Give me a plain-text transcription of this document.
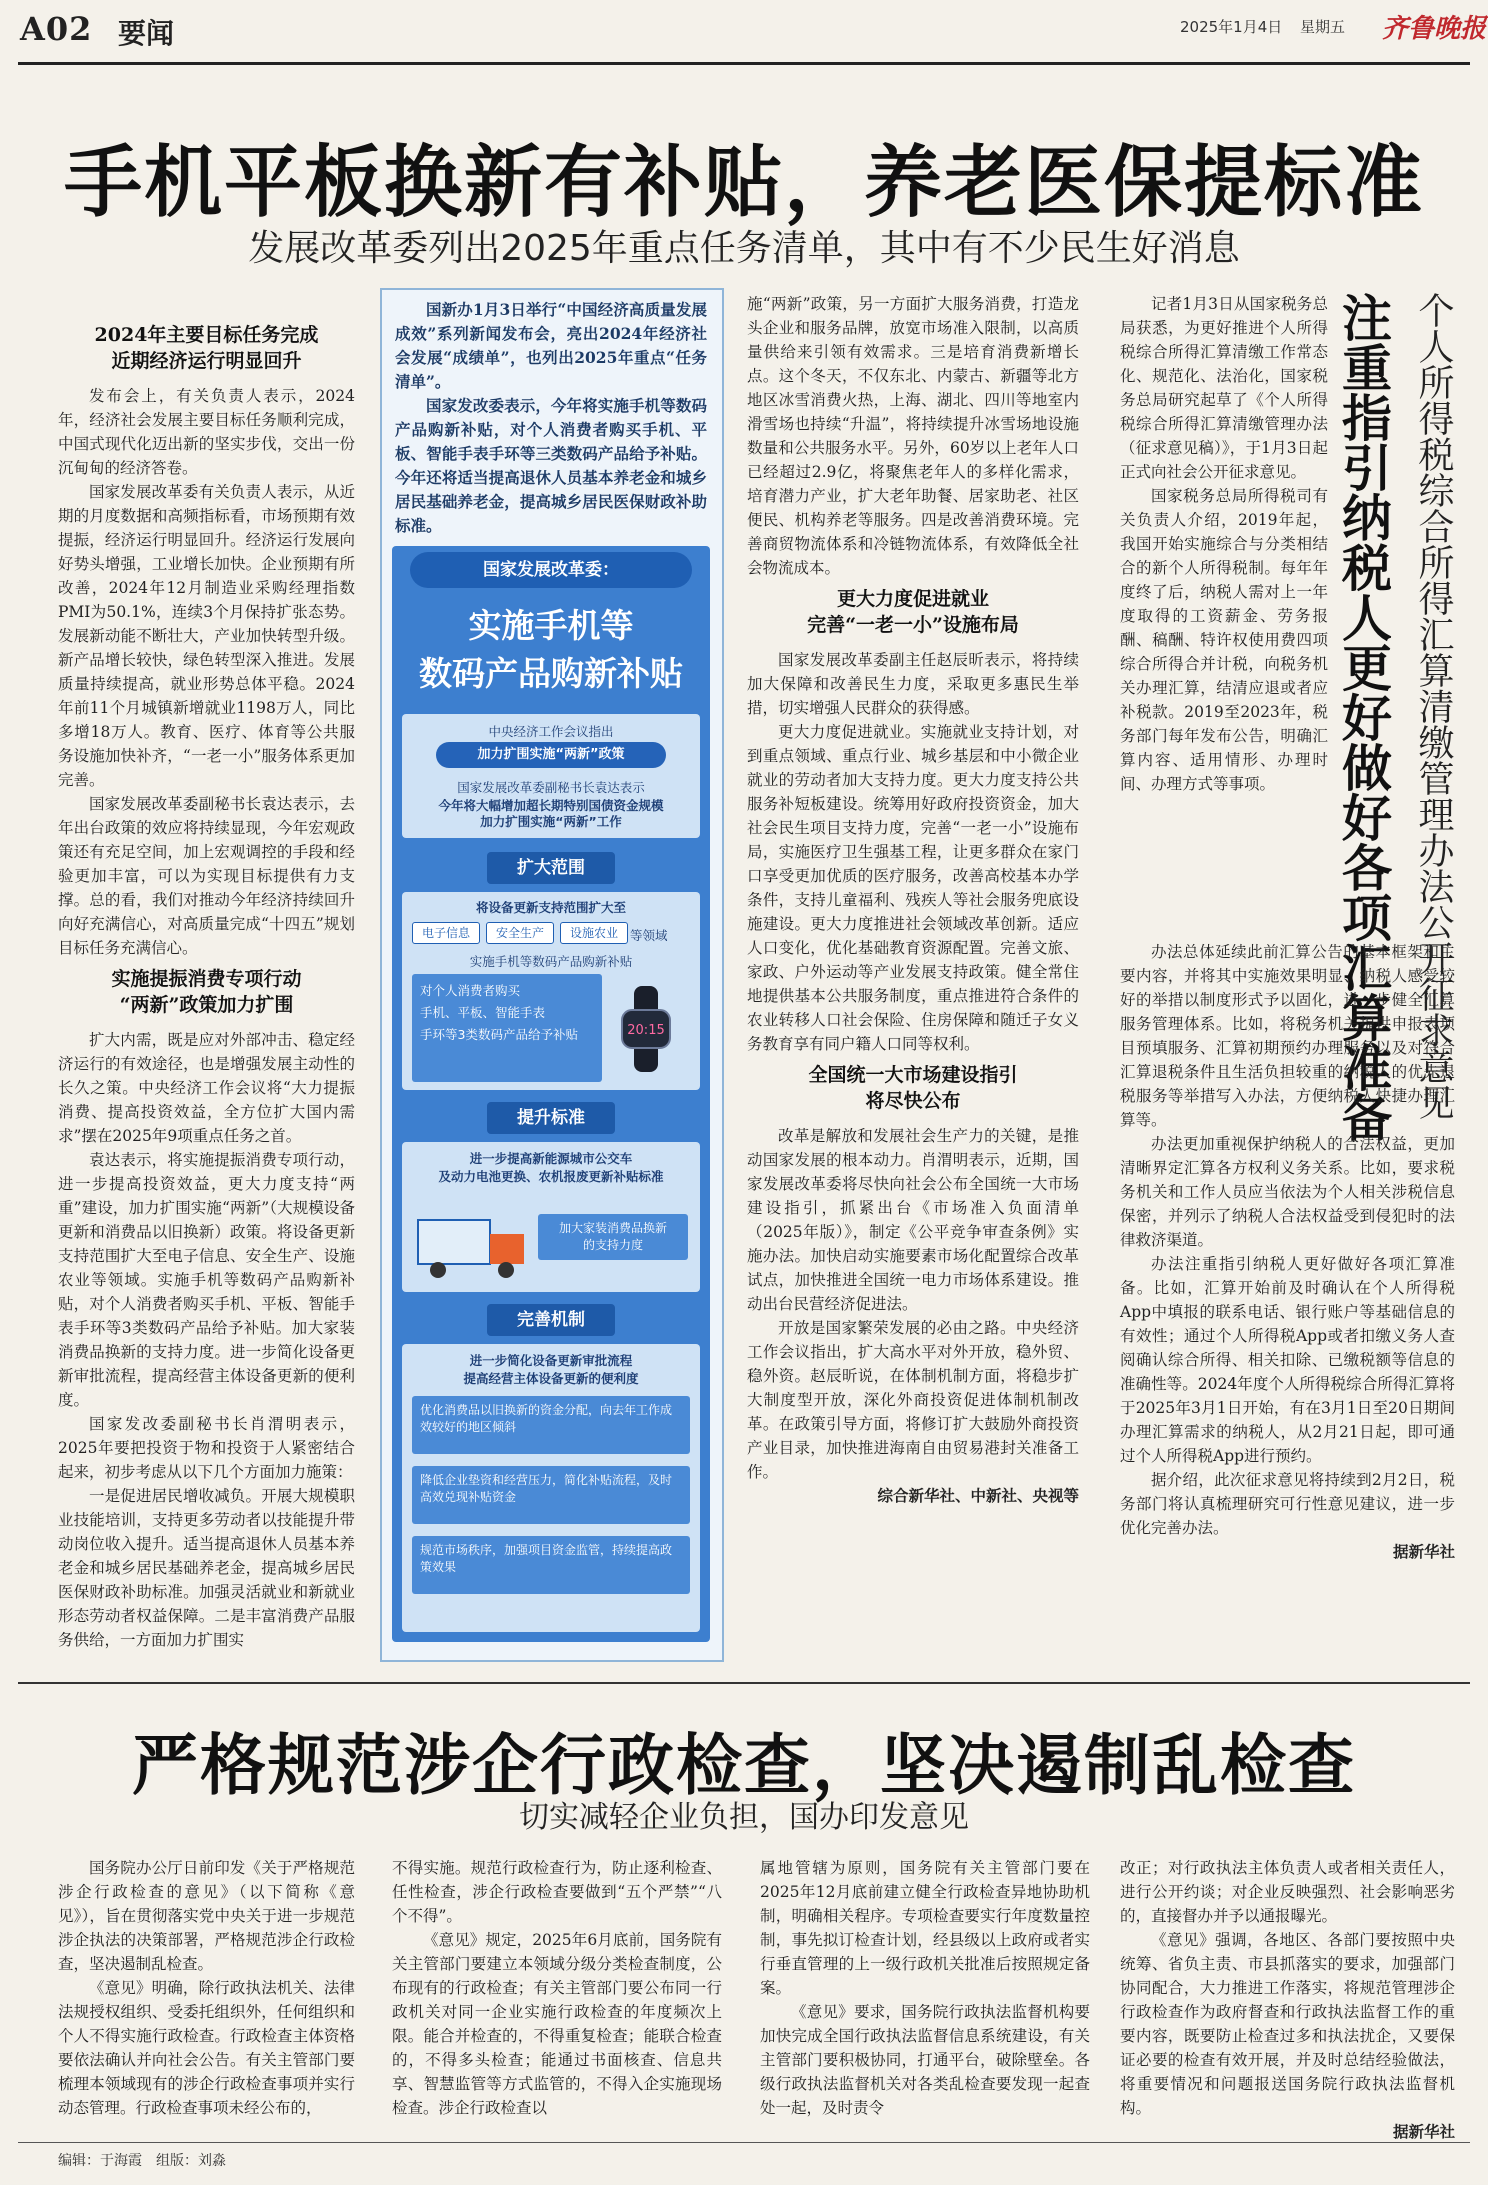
A02 要闻	2025年1月4日 星期五 齐鲁晚报
手机平板换新有补贴，养老医保提标准
发展改革委列出2025年重点任务清单，其中有不少民生好消息
2024年主要目标任务完成
近期经济运行明显回升

发布会上，有关负责人表示，2024年，经济社会发展主要目标任务顺利完成，中国式现代化迈出新的坚实步伐，交出一份沉甸甸的经济答卷。

国家发展改革委有关负责人表示，从近期的月度数据和高频指标看，市场预期有效提振，经济运行明显回升。经济运行发展向好势头增强，工业增长加快。企业预期有所改善，2024年12月制造业采购经理指数PMI为50.1%，连续3个月保持扩张态势。发展新动能不断壮大，产业加快转型升级。新产品增长较快，绿色转型深入推进。发展质量持续提高，就业形势总体平稳。2024年前11个月城镇新增就业1198万人，同比多增18万人。教育、医疗、体育等公共服务设施加快补齐，“一老一小”服务体系更加完善。

国家发展改革委副秘书长袁达表示，去年出台政策的效应将持续显现，今年宏观政策还有充足空间，加上宏观调控的手段和经验更加丰富，可以为实现目标提供有力支撑。总的看，我们对推动今年经济持续回升向好充满信心，对高质量完成“十四五”规划目标任务充满信心。

实施提振消费专项行动
“两新”政策加力扩围

扩大内需，既是应对外部冲击、稳定经济运行的有效途径，也是增强发展主动性的长久之策。中央经济工作会议将“大力提振消费、提高投资效益，全方位扩大国内需求”摆在2025年9项重点任务之首。

袁达表示，将实施提振消费专项行动，进一步提高投资效益，更大力度支持“两重”建设，加力扩围实施“两新”（大规模设备更新和消费品以旧换新）政策。将设备更新支持范围扩大至电子信息、安全生产、设施农业等领域。实施手机等数码产品购新补贴，对个人消费者购买手机、平板、智能手表手环等3类数码产品给予补贴。加大家装消费品换新的支持力度。进一步简化设备更新审批流程，提高经营主体设备更新的便利度。

国家发改委副秘书长肖渭明表示，2025年要把投资于物和投资于人紧密结合起来，初步考虑从以下几个方面加力施策：

一是促进居民增收减负。开展大规模职业技能培训，支持更多劳动者以技能提升带动岗位收入提升。适当提高退休人员基本养老金和城乡居民基础养老金，提高城乡居民医保财政补助标准。加强灵活就业和新就业形态劳动者权益保障。二是丰富消费产品服务供给，一方面加力扩围实

国新办1月3日举行“中国经济高质量发展成效”系列新闻发布会，亮出2024年经济社会发展“成绩单”，也列出2025年重点“任务清单”。

国家发改委表示，今年将实施手机等数码产品购新补贴，对个人消费者购买手机、平板、智能手表手环等三类数码产品给予补贴。今年还将适当提高退休人员基本养老金和城乡居民基础养老金，提高城乡居民医保财政补助标准。

国家发展改革委：
实施手机等
数码产品购新补贴
中央经济工作会议指出
加力扩围实施“两新”政策
国家发展改革委副秘书长袁达表示
今年将大幅增加超长期特别国债资金规模
加力扩围实施“两新”工作
扩大范围
将设备更新支持范围扩大至
电子信息	安全生产	设施农业 等领域
实施手机等数码产品购新补贴
对个人消费者购买
手机、平板、智能手表
手环等3类数码产品给予补贴	20:15
提升标准
进一步提高新能源城市公交车
及动力电池更换、农机报废更新补贴标准
加大家装消费品换新
的支持力度
完善机制
进一步简化设备更新审批流程
提高经营主体设备更新的便利度
优化消费品以旧换新的资金分配，向去年工作成效较好的地区倾斜
降低企业垫资和经营压力，简化补贴流程，及时高效兑现补贴资金
规范市场秩序，加强项目资金监管，持续提高政策效果

施“两新”政策，另一方面扩大服务消费，打造龙头企业和服务品牌，放宽市场准入限制，以高质量供给来引领有效需求。三是培育消费新增长点。这个冬天，不仅东北、内蒙古、新疆等北方地区冰雪消费火热，上海、湖北、四川等地室内滑雪场也持续“升温”，将持续提升冰雪场地设施数量和公共服务水平。另外，60岁以上老年人口已经超过2.9亿，将聚焦老年人的多样化需求，培育潜力产业，扩大老年助餐、居家助老、社区便民、机构养老等服务。四是改善消费环境。完善商贸物流体系和冷链物流体系，有效降低全社会物流成本。

更大力度促进就业
完善“一老一小”设施布局

国家发展改革委副主任赵辰昕表示，将持续加大保障和改善民生力度，采取更多惠民生举措，切实增强人民群众的获得感。

更大力度促进就业。实施就业支持计划，对到重点领域、重点行业、城乡基层和中小微企业就业的劳动者加大支持力度。更大力度支持公共服务补短板建设。统筹用好政府投资资金，加大社会民生项目支持力度，完善“一老一小”设施布局，实施医疗卫生强基工程，让更多群众在家门口享受更加优质的医疗服务，改善高校基本办学条件，支持儿童福利、残疾人等社会服务兜底设施建设。更大力度推进社会领域改革创新。适应人口变化，优化基础教育资源配置。完善文旅、家政、户外运动等产业发展支持政策。健全常住地提供基本公共服务制度，重点推进符合条件的农业转移人口社会保险、住房保障和随迁子女义务教育享有同户籍人口同等权利。

全国统一大市场建设指引
将尽快公布

改革是解放和发展社会生产力的关键，是推动国家发展的根本动力。肖渭明表示，近期，国家发展改革委将尽快向社会公布全国统一大市场建设指引，抓紧出台《市场准入负面清单（2025年版）》，制定《公平竞争审查条例》实施办法。加快启动实施要素市场化配置综合改革试点，加快推进全国统一电力市场体系建设。推动出台民营经济促进法。

开放是国家繁荣发展的必由之路。中央经济工作会议指出，扩大高水平对外开放，稳外贸、稳外资。赵辰昕说，在体制机制方面，将稳步扩大制度型开放，深化外商投资促进体制机制改革。在政策引导方面，将修订扩大鼓励外商投资产业目录，加快推进海南自由贸易港封关准备工作。

综合新华社、中新社、央视等

记者1月3日从国家税务总局获悉，为更好推进个人所得税综合所得汇算清缴工作常态化、规范化、法治化，国家税务总局研究起草了《个人所得税综合所得汇算清缴管理办法（征求意见稿）》，于1月3日起正式向社会公开征求意见。

国家税务总局所得税司有关负责人介绍，2019年起，我国开始实施综合与分类相结合的新个人所得税制。每年年度终了后，纳税人需对上一年度取得的工资薪金、劳务报酬、稿酬、特许权使用费四项综合所得合并计税，向税务机关办理汇算，结清应退或者应补税款。2019至2023年，税务部门每年发布公告，明确汇算内容、适用情形、办理时间、办理方式等事项。	注重指引纳税人更好做好各项汇算准备 个人所得税综合所得汇算清缴管理办法公开征求意见

办法总体延续此前汇算公告的基本框架和主要内容，并将其中实施效果明显、纳税人感受较好的举措以制度形式予以固化，进一步健全汇算服务管理体系。比如，将税务机关提供申报表项目预填服务、汇算初期预约办理服务以及对符合汇算退税条件且生活负担较重的纳税人的优先退税服务等举措写入办法，方便纳税人快捷办理汇算等。

办法更加重视保护纳税人的合法权益，更加清晰界定汇算各方权利义务关系。比如，要求税务机关和工作人员应当依法为个人相关涉税信息保密，并列示了纳税人合法权益受到侵犯时的法律救济渠道。

办法注重指引纳税人更好做好各项汇算准备。比如，汇算开始前及时确认在个人所得税App中填报的联系电话、银行账户等基础信息的有效性；通过个人所得税App或者扣缴义务人查阅确认综合所得、相关扣除、已缴税额等信息的准确性等。2024年度个人所得税综合所得汇算将于2025年3月1日开始，有在3月1日至20日期间办理汇算需求的纳税人，从2月21日起，即可通过个人所得税App进行预约。

据介绍，此次征求意见将持续到2月2日，税务部门将认真梳理研究可行性意见建议，进一步优化完善办法。

据新华社
严格规范涉企行政检查，坚决遏制乱检查
切实减轻企业负担，国办印发意见

国务院办公厅日前印发《关于严格规范涉企行政检查的意见》（以下简称《意见》），旨在贯彻落实党中央关于进一步规范涉企执法的决策部署，严格规范涉企行政检查，坚决遏制乱检查。

《意见》明确，除行政执法机关、法律法规授权组织、受委托组织外，任何组织和个人不得实施行政检查。行政检查主体资格要依法确认并向社会公告。有关主管部门要梳理本领域现有的涉企行政检查事项并实行动态管理。行政检查事项未经公布的，

不得实施。规范行政检查行为，防止逐利检查、任性检查，涉企行政检查要做到“五个严禁”“八个不得”。

《意见》规定，2025年6月底前，国务院有关主管部门要建立本领域分级分类检查制度，公布现有的行政检查；有关主管部门要公布同一行政机关对同一企业实施行政检查的年度频次上限。能合并检查的，不得重复检查；能联合检查的，不得多头检查；能通过书面核查、信息共享、智慧监管等方式监管的，不得入企实施现场检查。涉企行政检查以

属地管辖为原则，国务院有关主管部门要在2025年12月底前建立健全行政检查异地协助机制，明确相关程序。专项检查要实行年度数量控制，事先拟订检查计划，经县级以上政府或者实行垂直管理的上一级行政机关批准后按照规定备案。

《意见》要求，国务院行政执法监督机构要加快完成全国行政执法监督信息系统建设，有关主管部门要积极协同，打通平台，破除壁垒。各级行政执法监督机关对各类乱检查要发现一起查处一起，及时责令

改正；对行政执法主体负责人或者相关责任人，进行公开约谈；对企业反映强烈、社会影响恶劣的，直接督办并予以通报曝光。

《意见》强调，各地区、各部门要按照中央统筹、省负主责、市县抓落实的要求，加强部门协同配合，大力推进工作落实，将规范管理涉企行政检查作为政府督查和行政执法监督工作的重要内容，既要防止检查过多和执法扰企，又要保证必要的检查有效开展，并及时总结经验做法，将重要情况和问题报送国务院行政执法监督机构。

据新华社
编辑：于海霞　组版：刘淼
